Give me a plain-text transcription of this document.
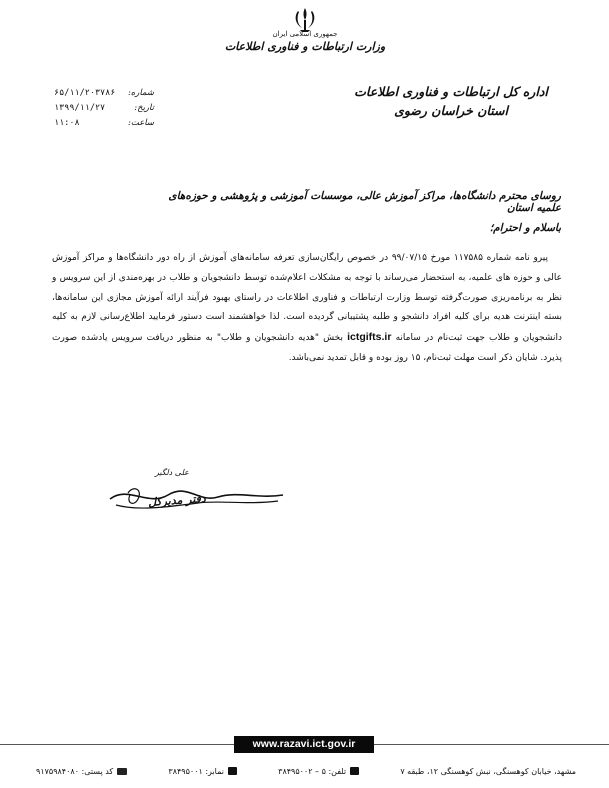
جمهوری اسلامی ایران
وزارت ارتباطات و فناوری اطلاعات
۶۵/۱۱/۲۰۳۷۸۶ شماره:
۱۳۹۹/۱۱/۲۷	تاریخ:
۱۱:۰۸	ساعت:
اداره کل ارتباطات و فناوری اطلاعات
استان خراسان رضوی
روسای محترم دانشگاه‌ها، مراکز آموزش عالی، موسسات آموزشی و پژوهشی و حوزه‌های علمیه استان
باسلام و احترام؛
پیرو نامه شماره ۱۱۷۵۸۵ مورخ ۹۹/۰۷/۱۵ در خصوص رایگان‌سازی تعرفه سامانه‌های آموزش از راه دور دانشگاه‌ها و مراکز آموزش عالی و حوزه های علمیه، به استحضار می‌رساند با توجه به مشکلات اعلام‌شده توسط دانشجویان و طلاب در بهره‌مندی از این سرویس و نظر به برنامه‌ریزی صورت‌گرفته توسط وزارت ارتباطات و فناوری اطلاعات در راستای بهبود فرآیند ارائه آموزش مجازی این سامانه‌ها، بسته اینترنت هدیه برای کلیه افراد دانشجو و طلبه پشتیبانی گردیده است. لذا خواهشمند است دستور فرمایید اطلاع‌رسانی لازم به کلیه دانشجویان و طلاب جهت ثبت‌نام در سامانه ictgifts.ir بخش "هدیه دانشجویان و طلاب" به منظور دریافت سرویس یادشده صورت پذیرد. شایان ذکر است مهلت ثبت‌نام، ۱۵ روز بوده و قابل تمدید نمی‌باشد.
علی دلگیر
دفتر مدیرکل
www.razavi.ict.gov.ir
مشهد، خیابان کوهسنگی، نبش کوهسنگی ۱۲، طبقه ۷
تلفن: ۵ – ۳۸۴۹۵۰۰۲
نمابر: ۳۸۴۹۵۰۰۱
کد پستی: ۹۱۷۵۹۸۴۰۸۰
